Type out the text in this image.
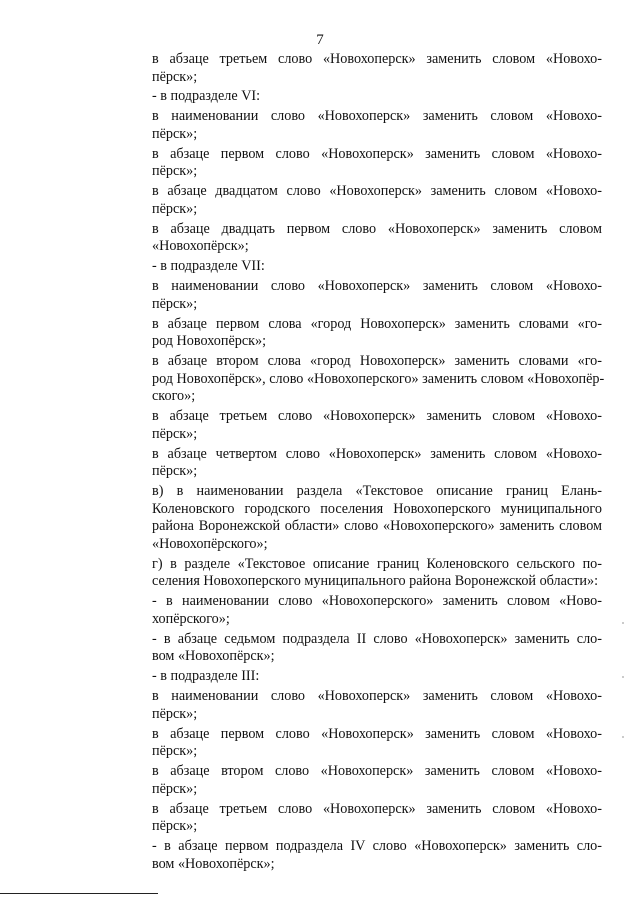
7
в абзаце третьем слово «Новохоперск» заменить словом «Новохо-
пёрск»;
- в подразделе VI:
в наименовании слово «Новохоперск» заменить словом «Новохо-
пёрск»;
в абзаце первом слово «Новохоперск» заменить словом «Новохо-
пёрск»;
в абзаце двадцатом слово «Новохоперск» заменить словом «Новохо-
пёрск»;
в абзаце двадцать первом слово «Новохоперск» заменить словом
«Новохопёрск»;
- в подразделе VII:
в наименовании слово «Новохоперск» заменить словом «Новохо-
пёрск»;
в абзаце первом слова «город Новохоперск» заменить словами «го-
род Новохопёрск»;
в абзаце втором слова «город Новохоперск» заменить словами «го-
род Новохопёрск», слово «Новохоперского» заменить словом «Новохопёр-
ского»;
в абзаце третьем слово «Новохоперск» заменить словом «Новохо-
пёрск»;
в абзаце четвертом слово «Новохоперск» заменить словом «Новохо-
пёрск»;
в) в наименовании раздела «Текстовое описание границ Елань-
Коленовского городского поселения Новохоперского муниципального
района Воронежской области» слово «Новохоперского» заменить словом
«Новохопёрского»;
г) в разделе «Текстовое описание границ Коленовского сельского по-
селения Новохоперского муниципального района Воронежской области»:
- в наименовании слово «Новохоперского» заменить словом «Ново-
хопёрского»;
- в абзаце седьмом подраздела II слово «Новохоперск» заменить сло-
вом «Новохопёрск»;
- в подразделе III:
в наименовании слово «Новохоперск» заменить словом «Новохо-
пёрск»;
в абзаце первом слово «Новохоперск» заменить словом «Новохо-
пёрск»;
в абзаце втором слово «Новохоперск» заменить словом «Новохо-
пёрск»;
в абзаце третьем слово «Новохоперск» заменить словом «Новохо-
пёрск»;
- в абзаце первом подраздела IV слово «Новохоперск» заменить сло-
вом «Новохопёрск»;
